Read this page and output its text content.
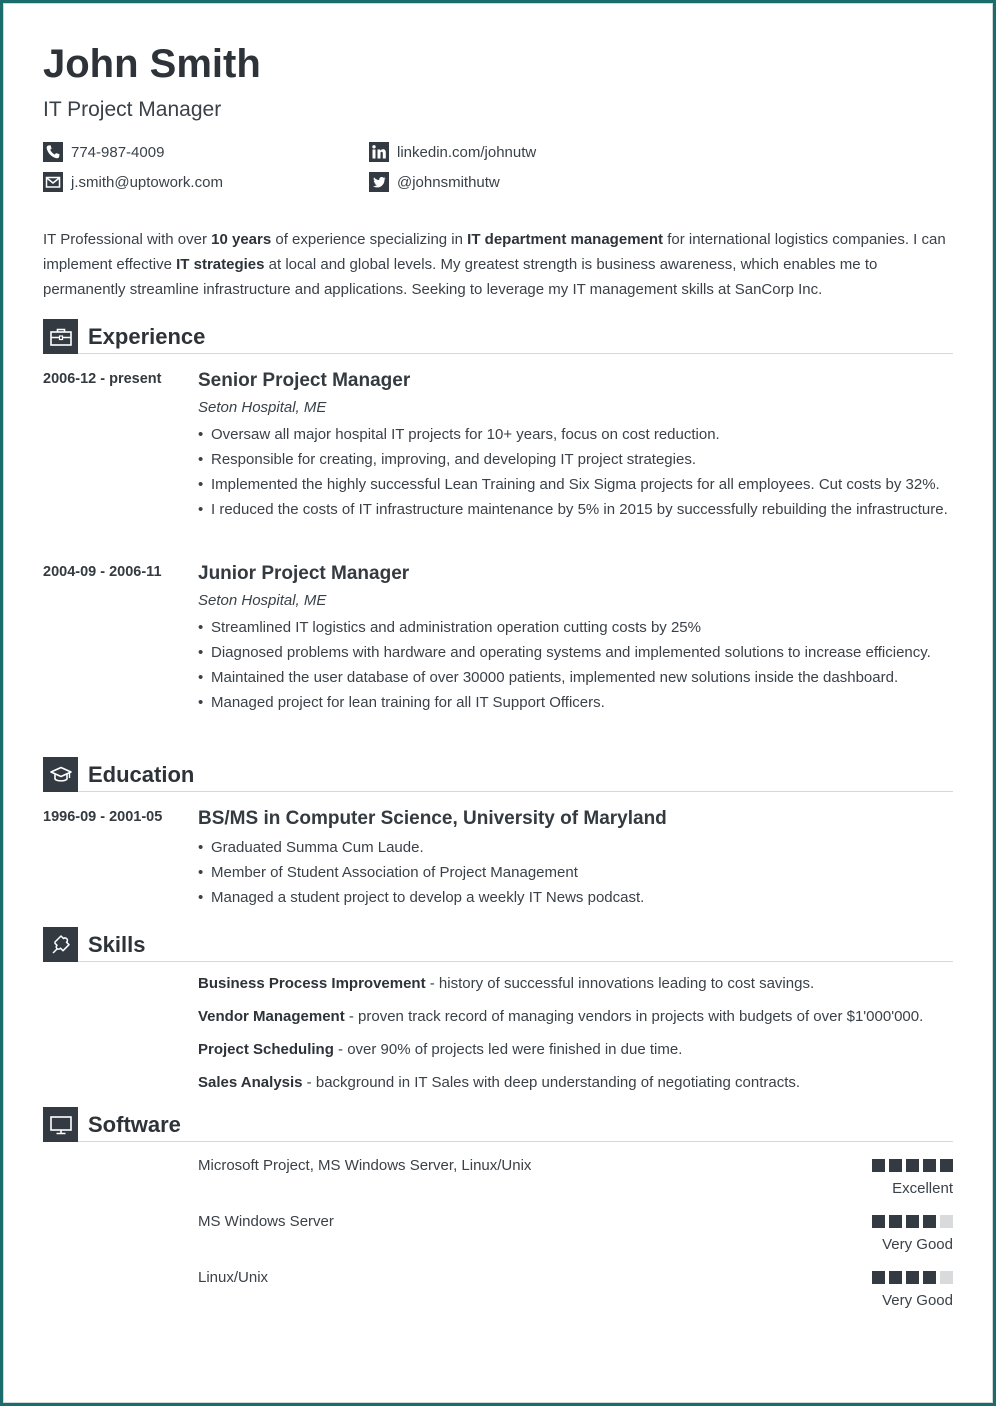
John Smith
IT Project Manager
774-987-4009	linkedin.com/johnutw
j.smith@uptowork.com	@johnsmithutw
IT Professional with over 10 years of experience specializing in IT department management for international logistics companies. I can implement effective IT strategies at local and global levels. My greatest strength is business awareness, which enables me to permanently streamline infrastructure and applications. Seeking to leverage my IT management skills at SanCorp Inc.
Experience
2006-12 - present Senior Project Manager
Seton Hospital, ME
• Oversaw all major hospital IT projects for 10+ years, focus on cost reduction.
• Responsible for creating, improving, and developing IT project strategies.
• Implemented the highly successful Lean Training and Six Sigma projects for all employees. Cut costs by 32%.
• I reduced the costs of IT infrastructure maintenance by 5% in 2015 by successfully rebuilding the infrastructure.
2004-09 - 2006-11 Junior Project Manager
Seton Hospital, ME
• Streamlined IT logistics and administration operation cutting costs by 25%
• Diagnosed problems with hardware and operating systems and implemented solutions to increase efficiency.
• Maintained the user database of over 30000 patients, implemented new solutions inside the dashboard.
• Managed project for lean training for all IT Support Officers.
Education
1996-09 - 2001-05 BS/MS in Computer Science, University of Maryland
• Graduated Summa Cum Laude.
• Member of Student Association of Project Management
• Managed a student project to develop a weekly IT News podcast.
Skills
Business Process Improvement - history of successful innovations leading to cost savings.
Vendor Management - proven track record of managing vendors in projects with budgets of over $1'000'000.
Project Scheduling - over 90% of projects led were finished in due time.
Sales Analysis - background in IT Sales with deep understanding of negotiating contracts.
Software
Microsoft Project, MS Windows Server, Linux/Unix
Excellent
MS Windows Server
Very Good
Linux/Unix
Very Good
